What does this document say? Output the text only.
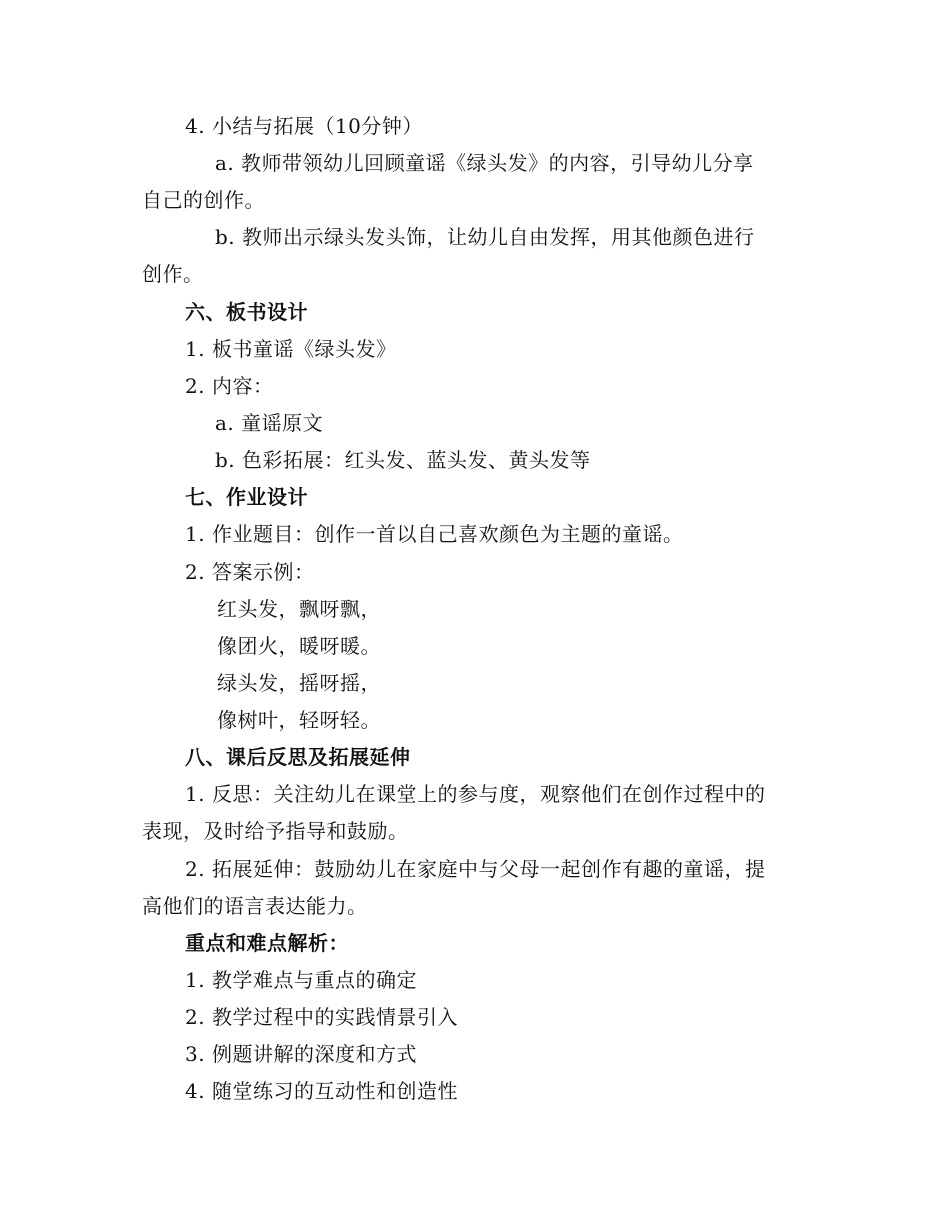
4. 小结与拓展（10分钟）
a. 教师带领幼儿回顾童谣《绿头发》的内容，引导幼儿分享
自己的创作。
b. 教师出示绿头发头饰，让幼儿自由发挥，用其他颜色进行
创作。
六、板书设计
1. 板书童谣《绿头发》
2. 内容：
a. 童谣原文
b. 色彩拓展：红头发、蓝头发、黄头发等
七、作业设计
1. 作业题目：创作一首以自己喜欢颜色为主题的童谣。
2. 答案示例：
红头发，飘呀飘，
像团火，暖呀暖。
绿头发，摇呀摇，
像树叶，轻呀轻。
八、课后反思及拓展延伸
1. 反思：关注幼儿在课堂上的参与度，观察他们在创作过程中的
表现，及时给予指导和鼓励。
2. 拓展延伸：鼓励幼儿在家庭中与父母一起创作有趣的童谣，提
高他们的语言表达能力。
重点和难点解析：
1. 教学难点与重点的确定
2. 教学过程中的实践情景引入
3. 例题讲解的深度和方式
4. 随堂练习的互动性和创造性
